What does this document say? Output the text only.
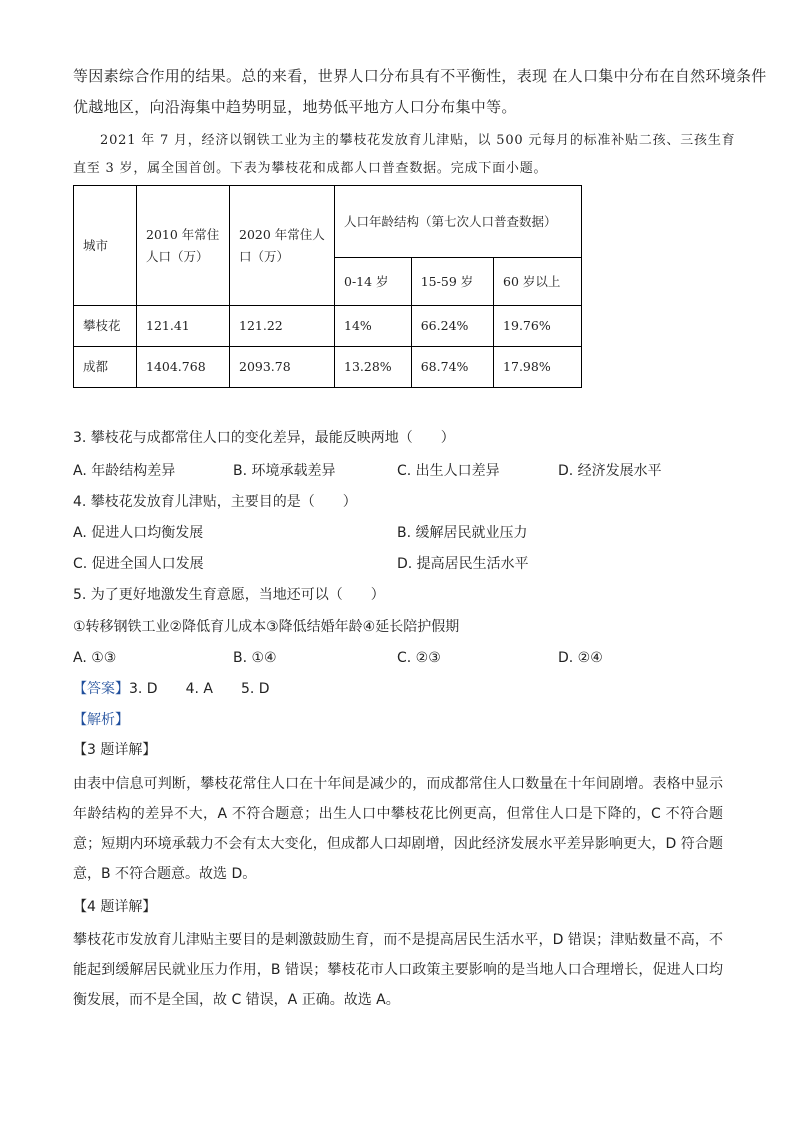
等因素综合作用的结果。总的来看，世界人口分布具有不平衡性，表现 在人口集中分布在自然环境条件
优越地区，向沿海集中趋势明显，地势低平地方人口分布集中等。
2021 年 7 月，经济以钢铁工业为主的攀枝花发放育儿津贴，以 500 元每月的标准补贴二孩、三孩生育
直至 3 岁，属全国首创。下表为攀枝花和成都人口普查数据。完成下面小题。
城市	2010 年常住人口（万）	2020 年常住人口（万）	人口年龄结构（第七次人口普查数据）		
			0-14 岁	15-59 岁	60 岁以上
攀枝花	121.41	121.22	14%	66.24%	19.76%
成都	1404.768	2093.78	13.28%	68.74%	17.98%
3. 攀枝花与成都常住人口的变化差异，最能反映两地（　　）
A. 年龄结构差异	B. 环境承载差异	C. 出生人口差异	D. 经济发展水平
4. 攀枝花发放育儿津贴，主要目的是（　　）
A. 促进人口均衡发展	B. 缓解居民就业压力
C. 促进全国人口发展	D. 提高居民生活水平
5. 为了更好地激发生育意愿，当地还可以（　　）
①转移钢铁工业②降低育儿成本③降低结婚年龄④延长陪护假期
A. ①③	B. ①④	C. ②③	D. ②④
【答案】3. D　　4. A　　5. D
【解析】
【3 题详解】

由表中信息可判断，攀枝花常住人口在十年间是减少的，而成都常住人口数量在十年间剧增。表格中显示年龄结构的差异不大，A 不符合题意；出生人口中攀枝花比例更高，但常住人口是下降的，C 不符合题意；短期内环境承载力不会有太大变化，但成都人口却剧增，因此经济发展水平差异影响更大，D 符合题意，B 不符合题意。故选 D。

【4 题详解】

攀枝花市发放育儿津贴主要目的是刺激鼓励生育，而不是提高居民生活水平，D 错误；津贴数量不高，不能起到缓解居民就业压力作用，B 错误；攀枝花市人口政策主要影响的是当地人口合理增长，促进人口均衡发展，而不是全国，故 C 错误，A 正确。故选 A。
